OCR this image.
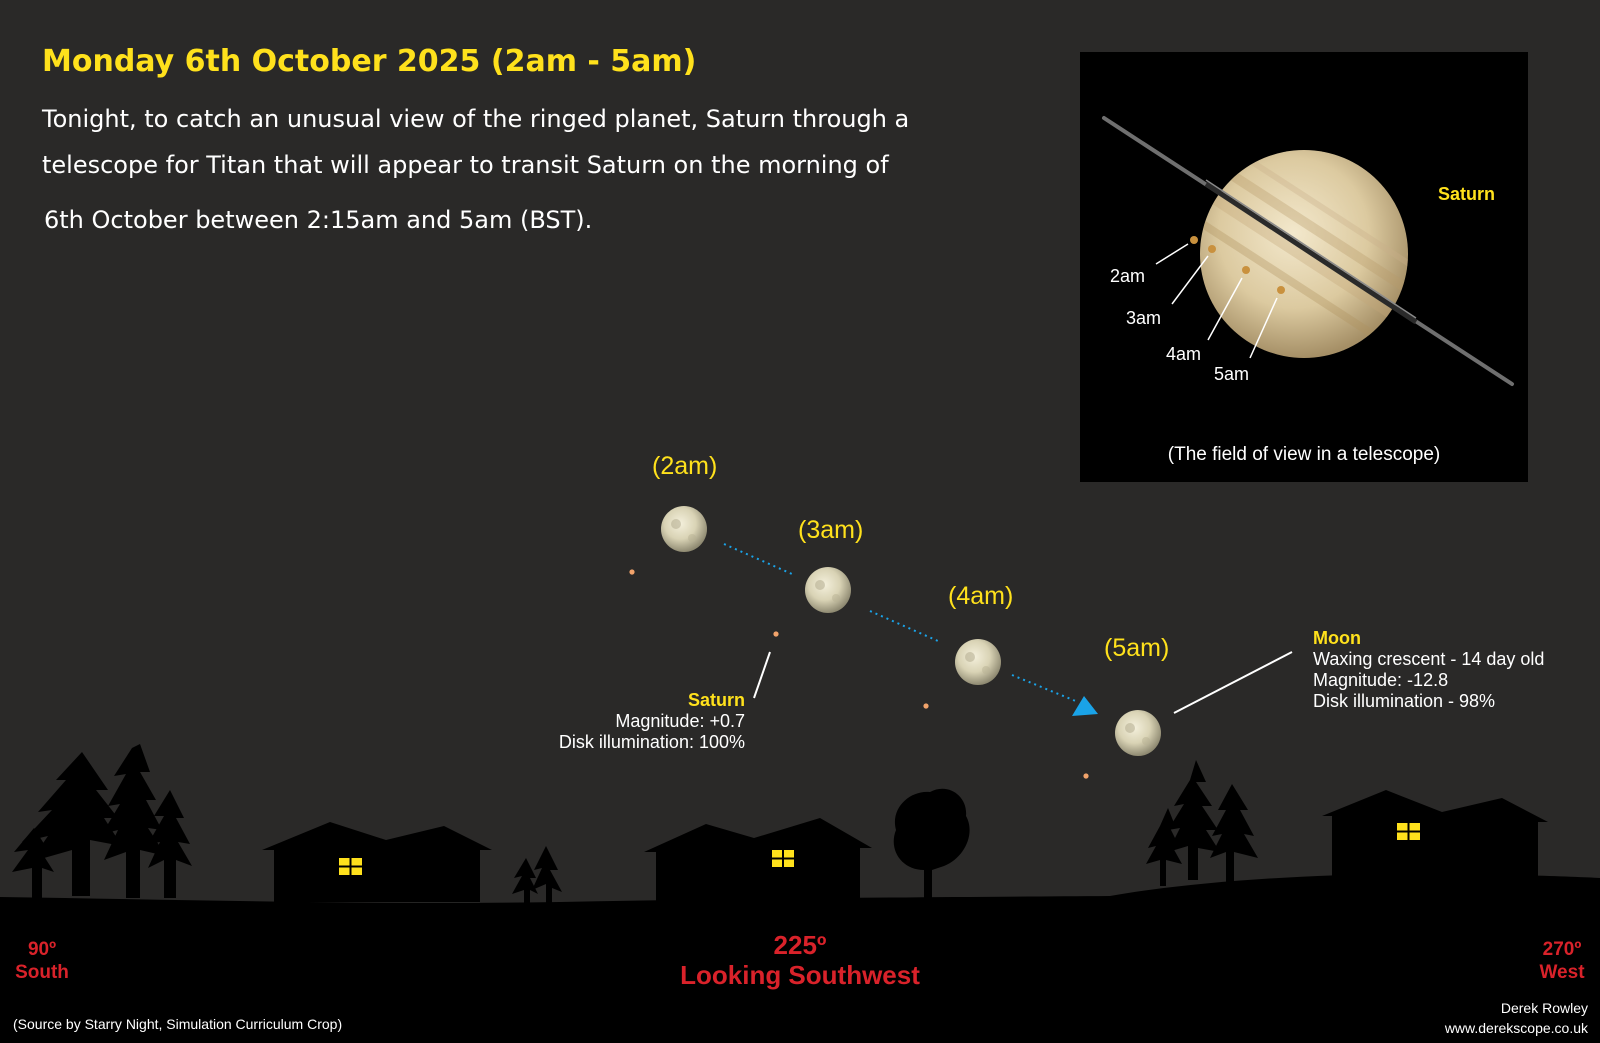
Monday 6th October 2025 (2am - 5am)

Tonight, to catch an unusual view of the ringed planet, Saturn through a

telescope for Titan that will appear to transit Saturn on the morning of

6th October between 2:15am and 5am (BST).

(2am)
(3am)
(4am)
(5am)
Saturn
Magnitude: +0.7
Disk illumination: 100%
Moon
Waxing crescent - 14 day old
Magnitude: -12.8
Disk illumination - 98%
90º
South
225º
Looking Southwest
270º
West
(Source by Starry Night, Simulation Curriculum Crop)
Derek Rowley
www.derekscope.co.uk
Saturn
2am
3am
4am
5am
(The field of view in a telescope)
